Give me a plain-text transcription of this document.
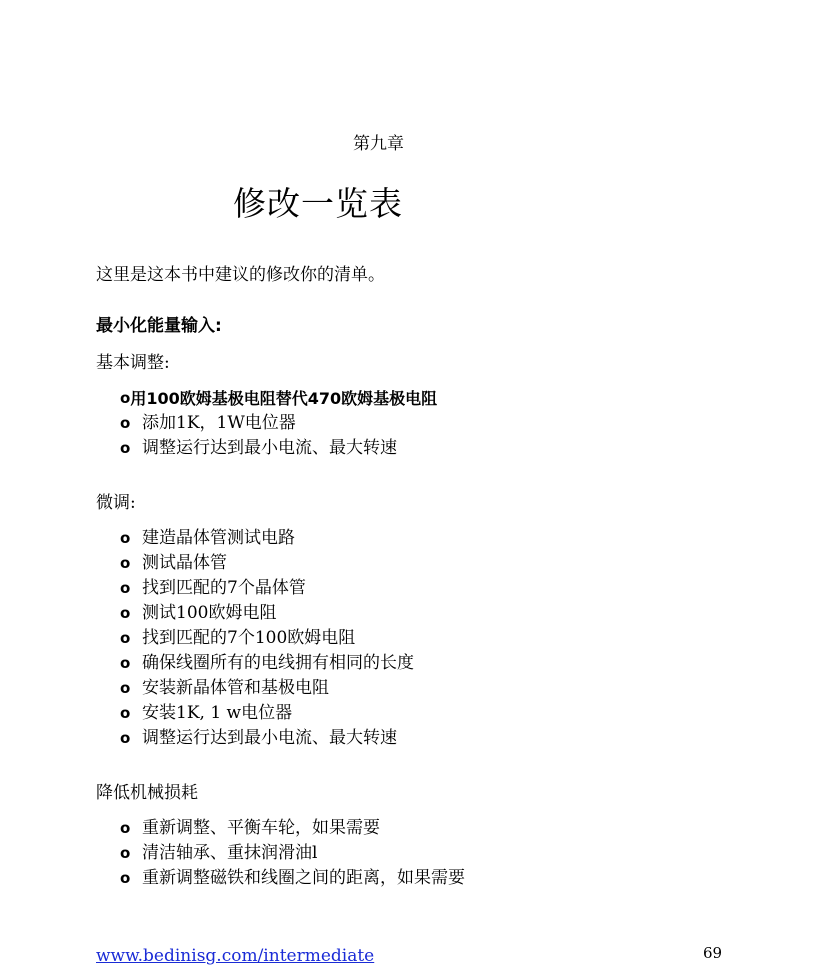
第九章
修改一览表
这里是这本书中建议的修改你的清单。
最小化能量输入:
基本调整:
o 用100欧姆基极电阻替代470欧姆基极电阻
o 添加1K，1W电位器
o 调整运行达到最小电流、最大转速
微调:
o 建造晶体管测试电路
o 测试晶体管
o 找到匹配的7个晶体管
o 测试100欧姆电阻
o 找到匹配的7个100欧姆电阻
o 确保线圈所有的电线拥有相同的长度
o 安装新晶体管和基极电阻
o 安装1K, 1 w电位器
o 调整运行达到最小电流、最大转速
降低机械损耗
o 重新调整、平衡车轮，如果需要
o 清洁轴承、重抹润滑油l
o 重新调整磁铁和线圈之间的距离，如果需要
www.bedinisg.com/intermediate	69
